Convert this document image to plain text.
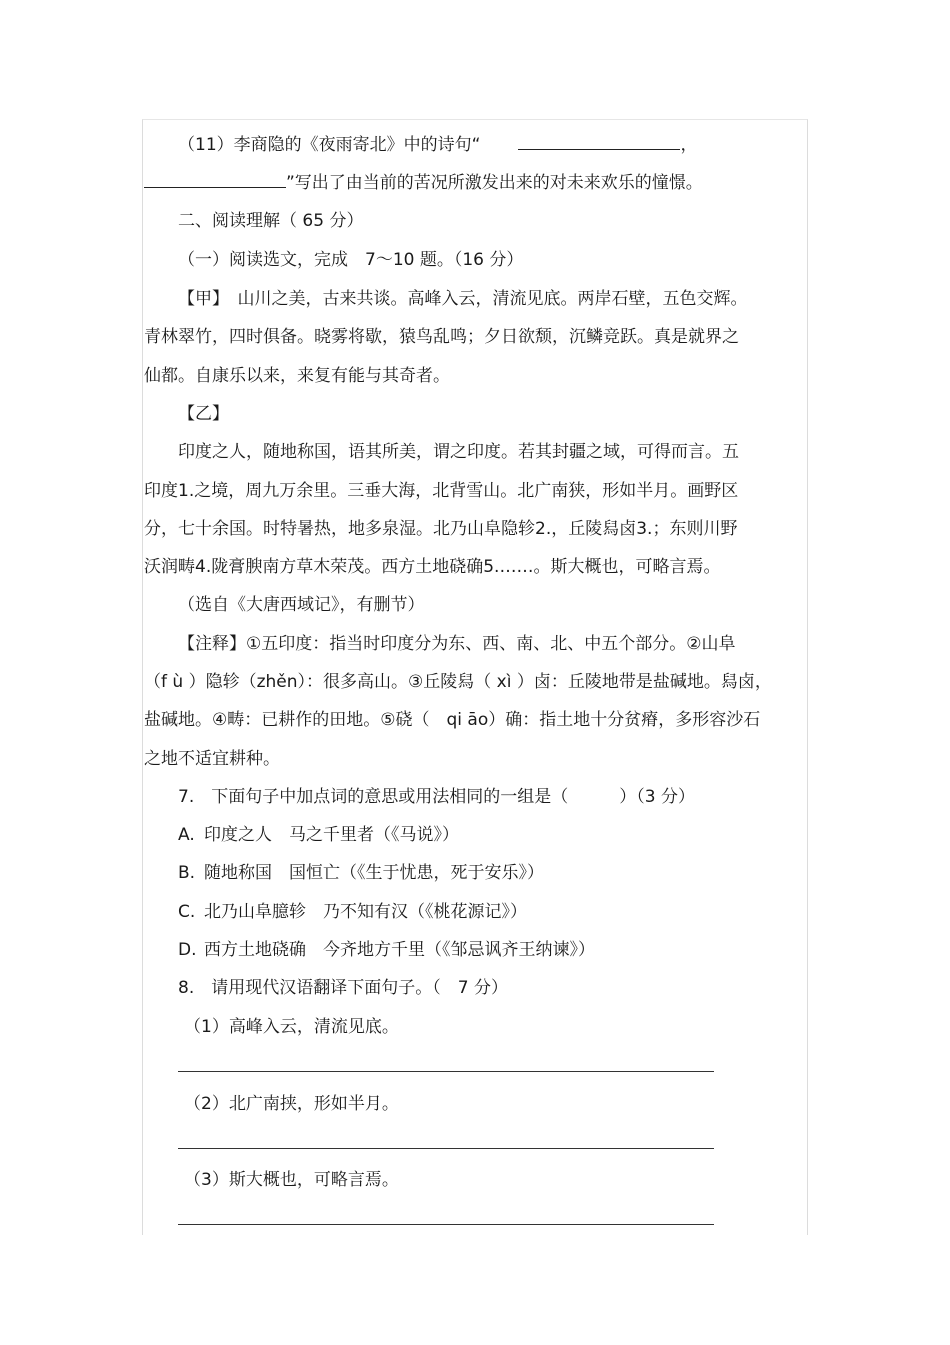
（11）李商隐的《夜雨寄北》中的诗句“	，
”写出了由当前的苦况所激发出来的对未来欢乐的憧憬。
二、阅读理解（ 65 分）
（一）阅读选文，完成　7～10 题。（16 分）
【甲】　山川之美，古来共谈。高峰入云，清流见底。两岸石壁，五色交辉。
青林翠竹，四时俱备。晓雾将歇，猿鸟乱鸣；夕日欲颓，沉鳞竞跃。真是就界之
仙都。自康乐以来，来复有能与其奇者。
【乙】
印度之人，随地称国，语其所美，谓之印度。若其封疆之域，可得而言。五
印度1.之境，周九万余里。三垂大海，北背雪山。北广南狭，形如半月。画野区
分，七十余国。时特暑热，地多泉湿。北乃山阜隐轸2.，丘陵舄卤3.；东则川野
沃润畴4.陇膏腴南方草木荣茂。西方土地硗确5.……。斯大概也，可略言焉。
（选自《大唐西域记》，有删节）
【注释】①五印度：指当时印度分为东、西、南、北、中五个部分。②山阜
（f ù ）隐轸（zhěn）：很多高山。③丘陵舄（ xì ）卤：丘陵地带是盐碱地。舄卤，
盐碱地。④畴：已耕作的田地。⑤硗（　qi āo）确：指土地十分贫瘠，多形容沙石
之地不适宜耕种。
7.　下面句子中加点词的意思或用法相同的一组是（　　　）（3 分）
A. 印度之人　马之千里者（《马说》）
B. 随地称国　国恒亡（《生于忧患，死于安乐》）
C. 北乃山阜臆轸　乃不知有汉（《桃花源记》）
D. 西方土地硗确　今齐地方千里（《邹忌讽齐王纳谏》）
8.　请用现代汉语翻译下面句子。（　7 分）
（1）高峰入云，清流见底。
（2）北广南挟，形如半月。
（3）斯大概也，可略言焉。
